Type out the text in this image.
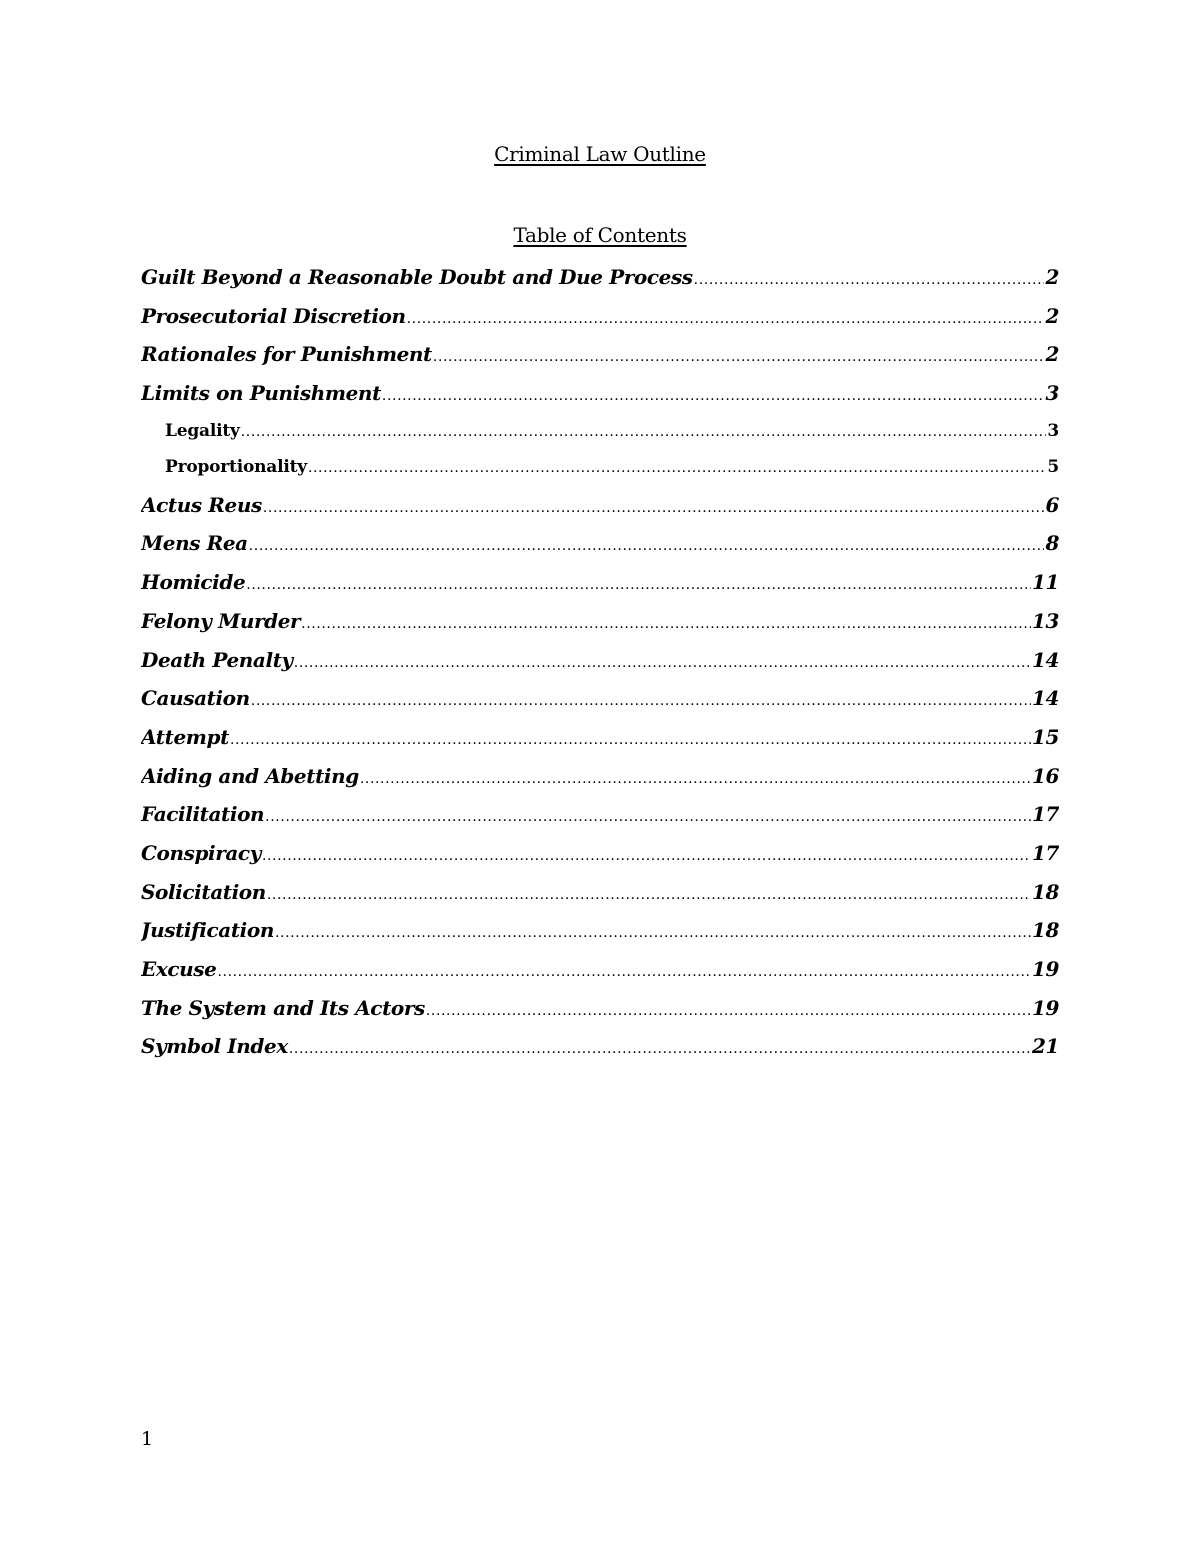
Criminal Law Outline
Table of Contents
Guilt Beyond a Reasonable Doubt and Due Process .....	2
Prosecutorial Discretion .....	2
Rationales for Punishment .....	2
Limits on Punishment .....	3
Legality .....	3
Proportionality .....	5
Actus Reus .....	6
Mens Rea .....	8
Homicide .....	11
Felony Murder .....	13
Death Penalty .....	14
Causation .....	14
Attempt .....	15
Aiding and Abetting .....	16
Facilitation .....	17
Conspiracy .....	17
Solicitation .....	18
Justification .....	18
Excuse .....	19
The System and Its Actors .....	19
Symbol Index .....	21
1
